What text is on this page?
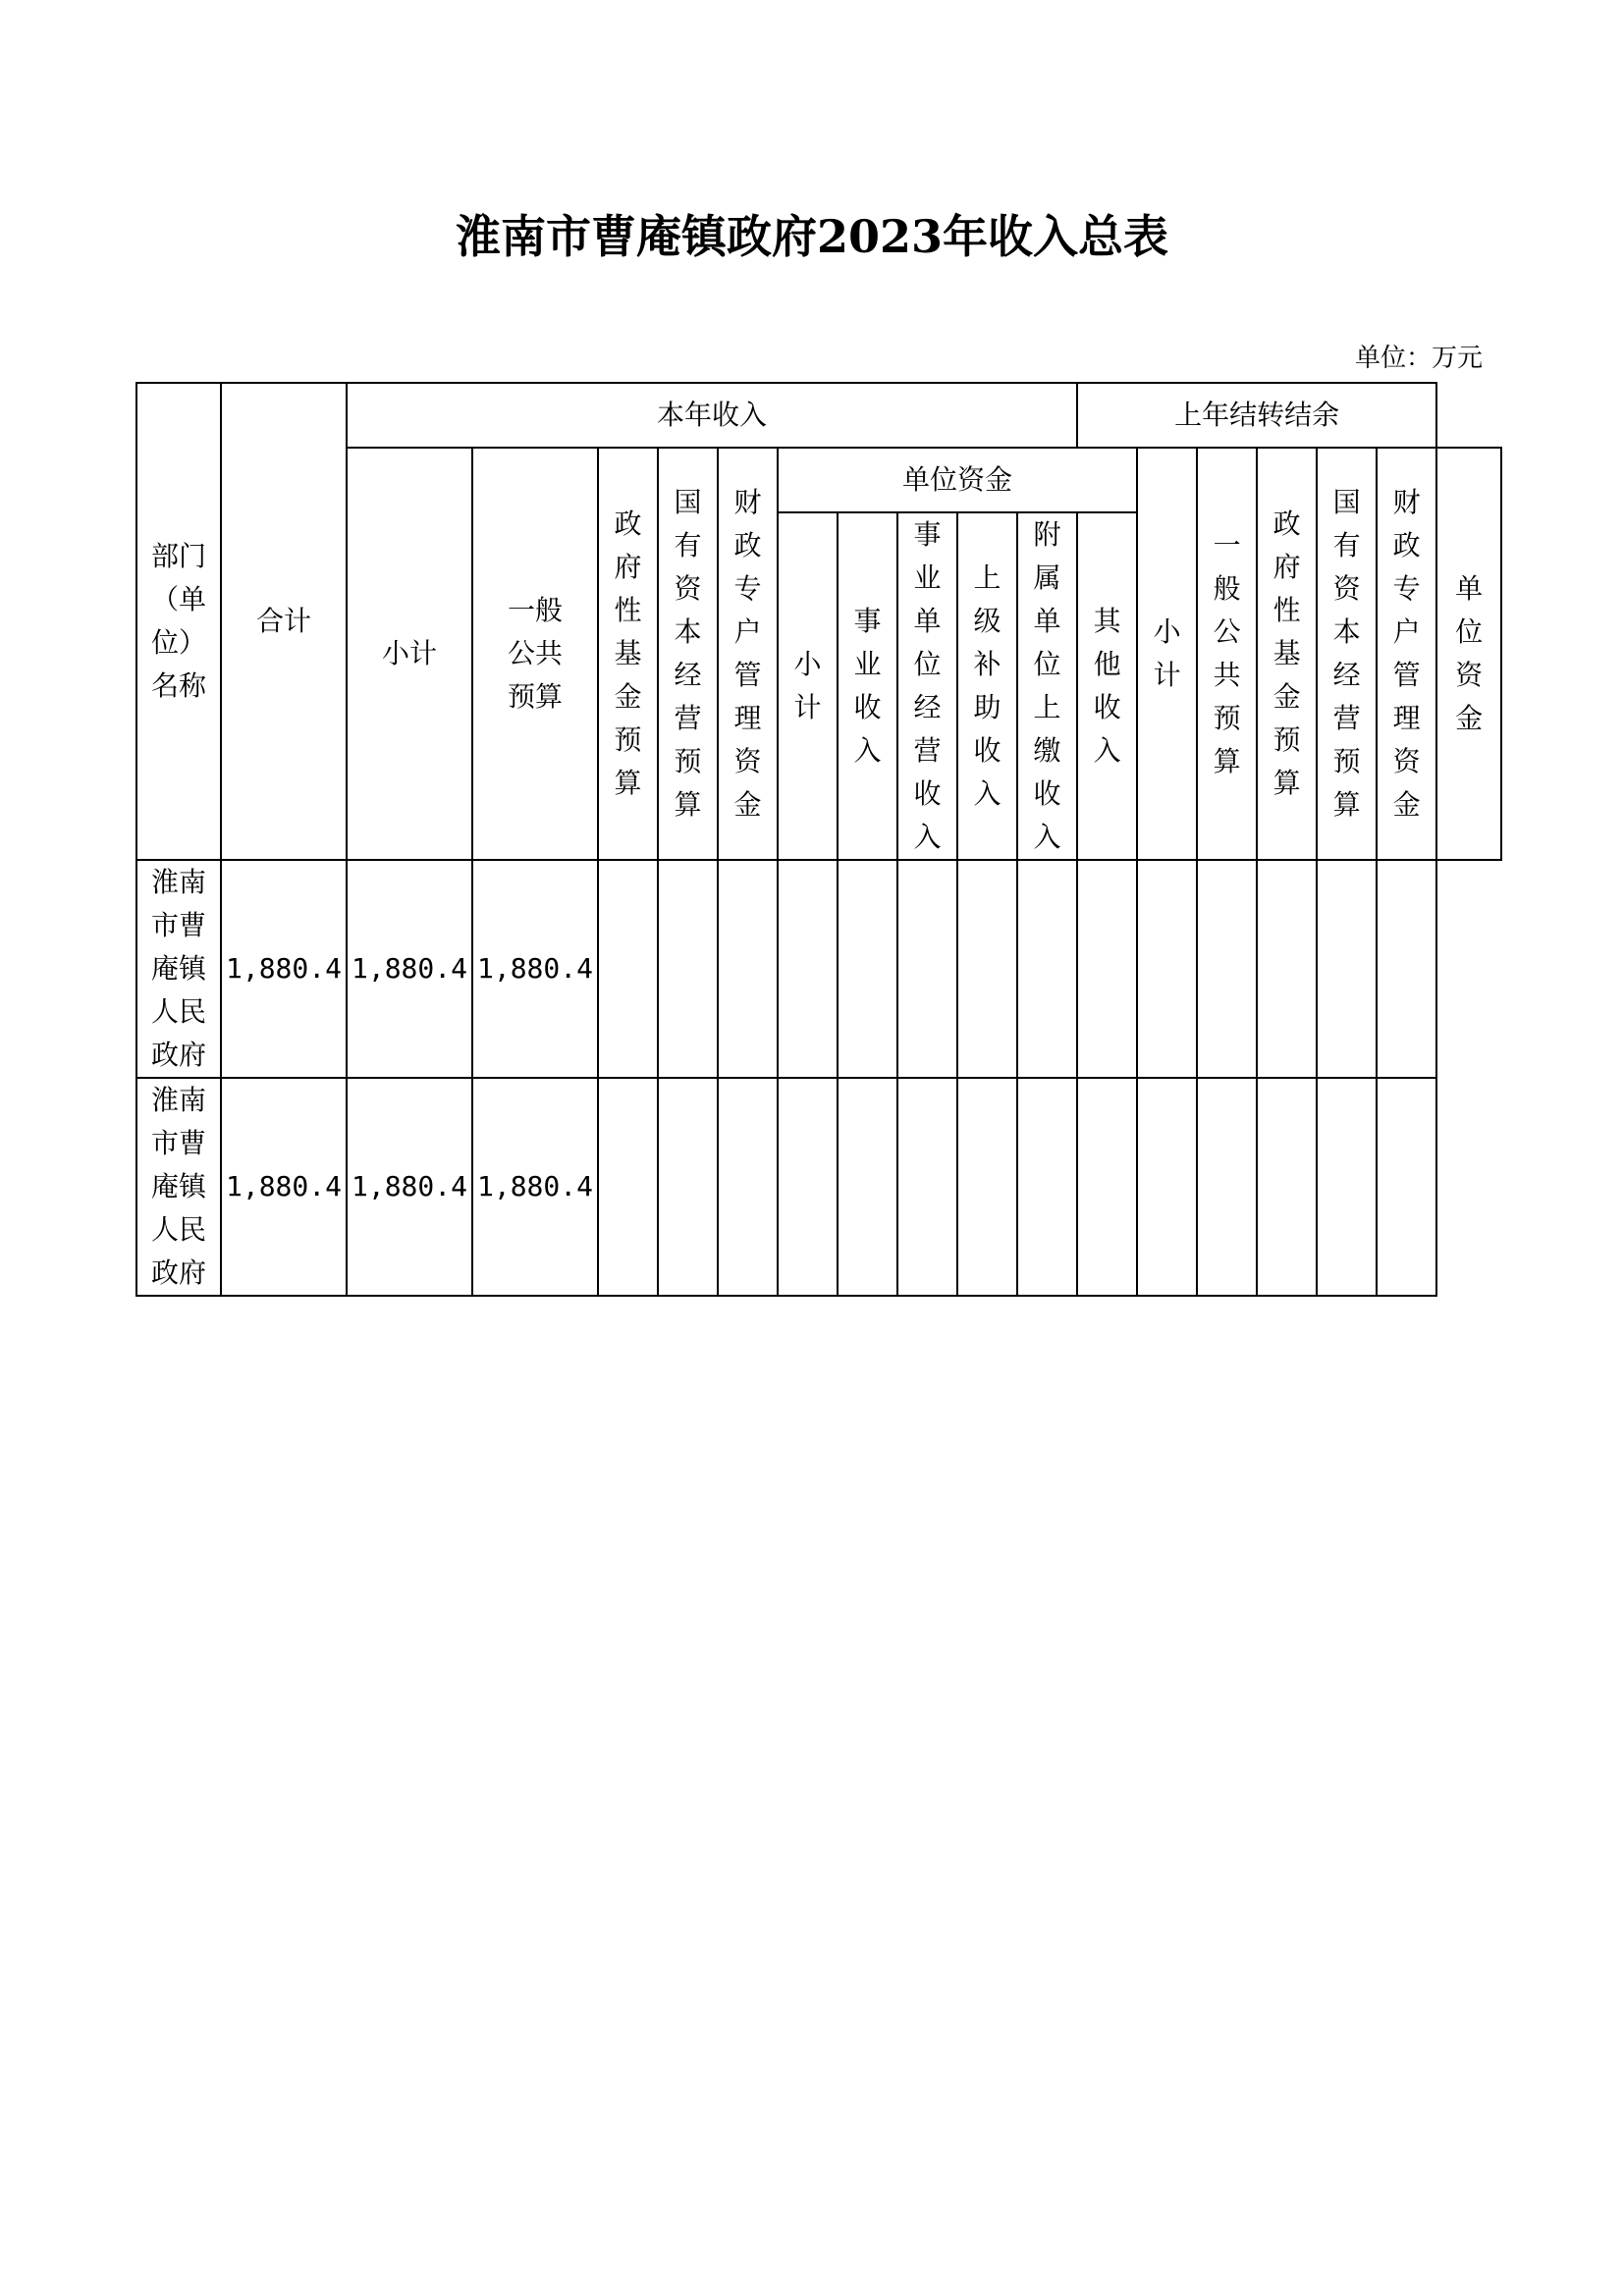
淮南市曹庵镇政府2023年收入总表
单位：万元
部门（单位）名称	合计	本年收入										上年结转结余						
		小计	一般公共预算	政府性基金预算	国有资本经营预算	财政专户管理资金	单位资金						小计	一般公共预算	政府性基金预算	国有资本经营预算	财政专户管理资金	单位资金
							小计	事业收入	事业单位经营收入	上级补助收入	附属单位上缴收入	其他收入						

淮南市曹庵镇人民政府	1,880.4	1,880.4	1,880.4															
淮南市曹庵镇人民政府	1,880.4	1,880.4	1,880.4															
